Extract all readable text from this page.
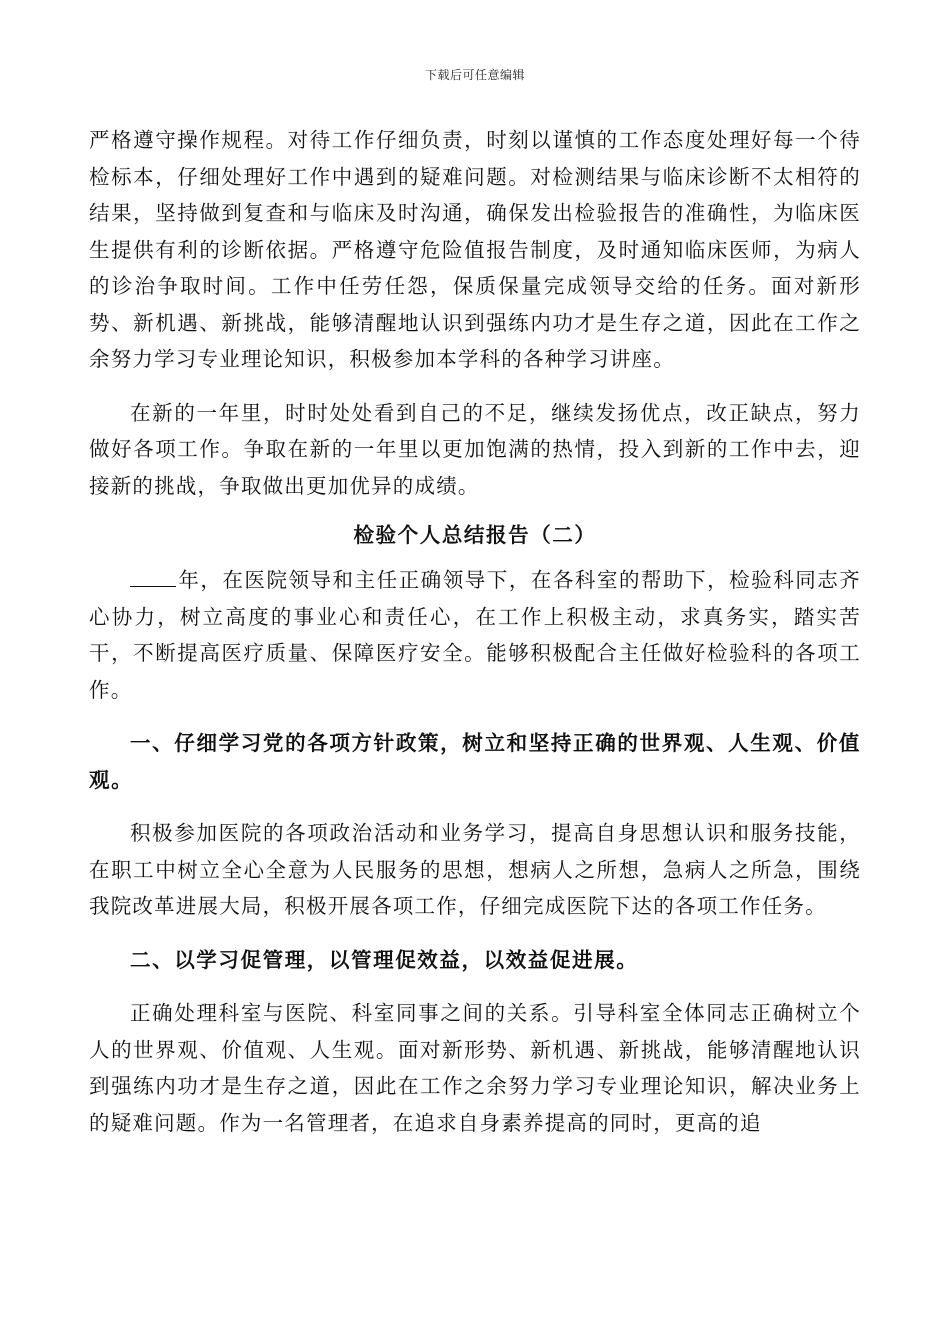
下载后可任意编辑

严格遵守操作规程。对待工作仔细负责，时刻以谨慎的工作态度处理好每一个待检标本，仔细处理好工作中遇到的疑难问题。对检测结果与临床诊断不太相符的结果，坚持做到复查和与临床及时沟通，确保发出检验报告的准确性，为临床医生提供有利的诊断依据。严格遵守危险值报告制度，及时通知临床医师，为病人的诊治争取时间。工作中任劳任怨，保质保量完成领导交给的任务。面对新形势、新机遇、新挑战，能够清醒地认识到强练内功才是生存之道，因此在工作之余努力学习专业理论知识，积极参加本学科的各种学习讲座。

在新的一年里，时时处处看到自己的不足，继续发扬优点，改正缺点，努力做好各项工作。争取在新的一年里以更加饱满的热情，投入到新的工作中去，迎接新的挑战，争取做出更加优异的成绩。

检验个人总结报告（二）

年，在医院领导和主任正确领导下，在各科室的帮助下，检验科同志齐心协力，树立高度的事业心和责任心，在工作上积极主动，求真务实，踏实苦干，不断提高医疗质量、保障医疗安全。能够积极配合主任做好检验科的各项工作。

一、仔细学习党的各项方针政策，树立和坚持正确的世界观、人生观、价值观。

积极参加医院的各项政治活动和业务学习，提高自身思想认识和服务技能，在职工中树立全心全意为人民服务的思想，想病人之所想，急病人之所急，围绕我院改革进展大局，积极开展各项工作，仔细完成医院下达的各项工作任务。

二、以学习促管理，以管理促效益，以效益促进展。

正确处理科室与医院、科室同事之间的关系。引导科室全体同志正确树立个人的世界观、价值观、人生观。面对新形势、新机遇、新挑战，能够清醒地认识到强练内功才是生存之道，因此在工作之余努力学习专业理论知识，解决业务上的疑难问题。作为一名管理者，在追求自身素养提高的同时，更高的追
